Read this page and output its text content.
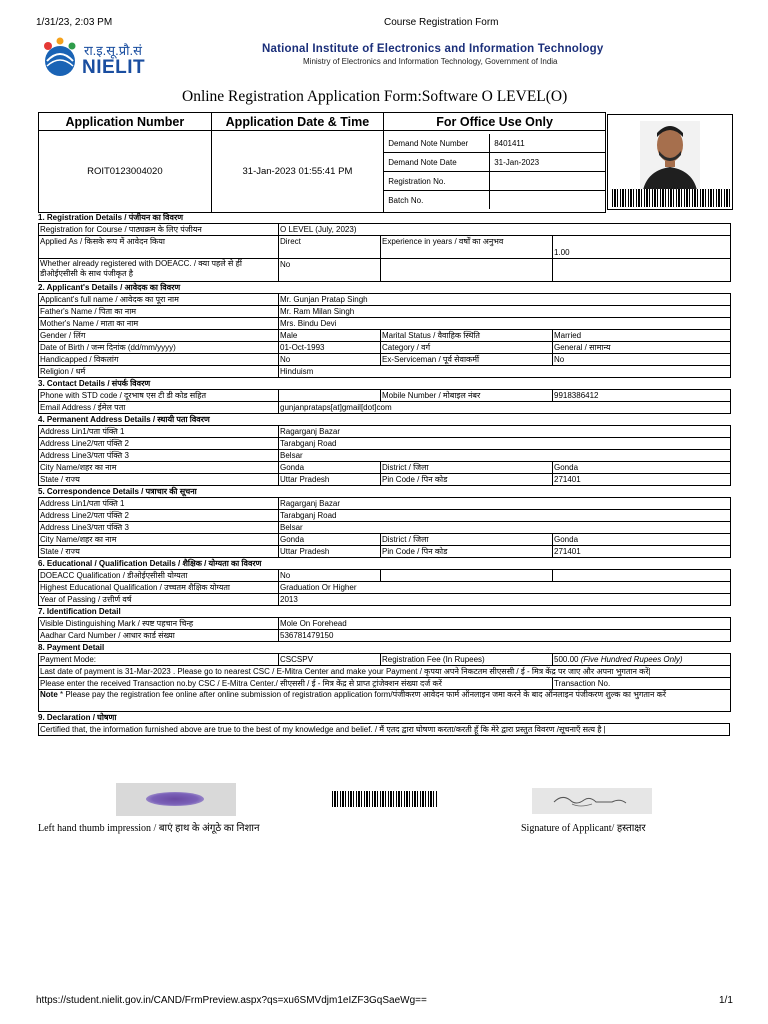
1/31/23, 2:03 PM	Course Registration Form
रा.इ.सू.प्रौ.सं
NIELIT
National Institute of Electronics and Information Technology
Ministry of Electronics and Information Technology, Government of India
Online Registration Application Form:Software O LEVEL(O)
Application Number	Application Date & Time	For Office Use Only
ROIT0123004020	31-Jan-2023 01:55:41 PM	
Demand Note Number	8401411
Demand Note Date	31-Jan-2023
Registration No.	
Batch No.	
1. Registration Details / पंजीयन का विवरण
Registration for Course / पाठ्यक्रम के लिए पंजीयन	O LEVEL (July, 2023)		
Applied As / किसके रूप में आवेदन किया	Direct	Experience in years / वर्षों का अनुभव	1.00
Whether already registered with DOEACC. / क्या पहले से हीं डीओईएसीसी के साथ पंजीकृत है	No		
2. Applicant's Details / आवेदक का विवरण
Applicant's full name / आवेदक का पूरा नाम	Mr. Gunjan Pratap Singh		
Father's Name / पिता का नाम	Mr. Ram Milan Singh		
Mother's Name / माता का नाम	Mrs. Bindu Devi		
Gender / लिंग	Male	Marital Status / वैवाहिक स्थिति	Married
Date of Birth / जन्म दिनांक (dd/mm/yyyy)	01-Oct-1993	Category / वर्ग	General / सामान्य
Handicapped / विकलांग	No	Ex-Serviceman / पूर्व सेवाकर्मी	No
Religion / धर्म	Hinduism		
3. Contact Details / संपर्क विवरण
Phone with STD code / दूरभाष एस टी डी कोड सहित		Mobile Number / मोबाइल नंबर	9918386412
Email Address / ईमेल पता	gunjanprataps[at]gmail[dot]com		
4. Permanent Address Details / स्थायी पता विवरण
Address Lin1/पता पंक्ति 1	Ragarganj Bazar		
Address Line2/पता पंक्ति 2	Tarabganj Road		
Address Line3/पता पंक्ति 3	Belsar		
City Name/शहर का नाम	Gonda	District / जिला	Gonda
State / राज्य	Uttar Pradesh	Pin Code / पिन कोड	271401
5. Correspondence Details / पत्राचार की सूचना
Address Lin1/पता पंक्ति 1	Ragarganj Bazar		
Address Line2/पता पंक्ति 2	Tarabganj Road		
Address Line3/पता पंक्ति 3	Belsar		
City Name/शहर का नाम	Gonda	District / जिला	Gonda
State / राज्य	Uttar Pradesh	Pin Code / पिन कोड	271401
6. Educational / Qualification Details / शैक्षिक / योग्यता का विवरण
DOEACC Qualification / डीओईएसीसी योग्यता	No		
Highest Educational Qualification / उच्चतम शैक्षिक योग्यता	Graduation Or Higher		
Year of Passing / उत्तीर्ण वर्ष	2013		
7. Identification Detail
Visible Distinguishing Mark / स्पष्ट पहचान चिन्ह	Mole On Forehead
Aadhar Card Number / आधार कार्ड संख्या	536781479150
8. Payment Detail
Payment Mode:	CSCSPV	Registration Fee (In Rupees)	500.00 (Five Hundred Rupees Only)
Last date of payment is 31-Mar-2023 . Please go to nearest CSC / E-Mitra Center and make your Payment / कृपया अपने निकटतम सीएससी / ई - मित्र केंद्र पर जाए और अपना भुगतान करें|			
Please enter the received Transaction no.by CSC / E-Mitra Center./ सीएससी / ई - मित्र केंद्र से प्राप्त ट्रांजेक्शन संख्या दर्ज करें			Transaction No.
Note * Please pay the registration fee online after online submission of registration application form/पंजीकरण आवेदन फार्म ऑनलाइन जमा करने के बाद ऑनलाइन पंजीकरण शुल्क का भुगतान करें			
9. Declaration / घोषणा
Certified that, the information furnished above are true to the best of my knowledge and belief. / मैं एतद द्वारा घोषणा करता/करती हूँ कि मेरे द्वारा प्रस्तुत विवरण /सूचनाएँ सत्य है |
Left hand thumb impression / बाएं हाथ के अंगूठे का निशान	Signature of Applicant/ हस्ताक्षर
https://student.nielit.gov.in/CAND/FrmPreview.aspx?qs=xu6SMVdjm1eIZF3GqSaeWg==	1/1
